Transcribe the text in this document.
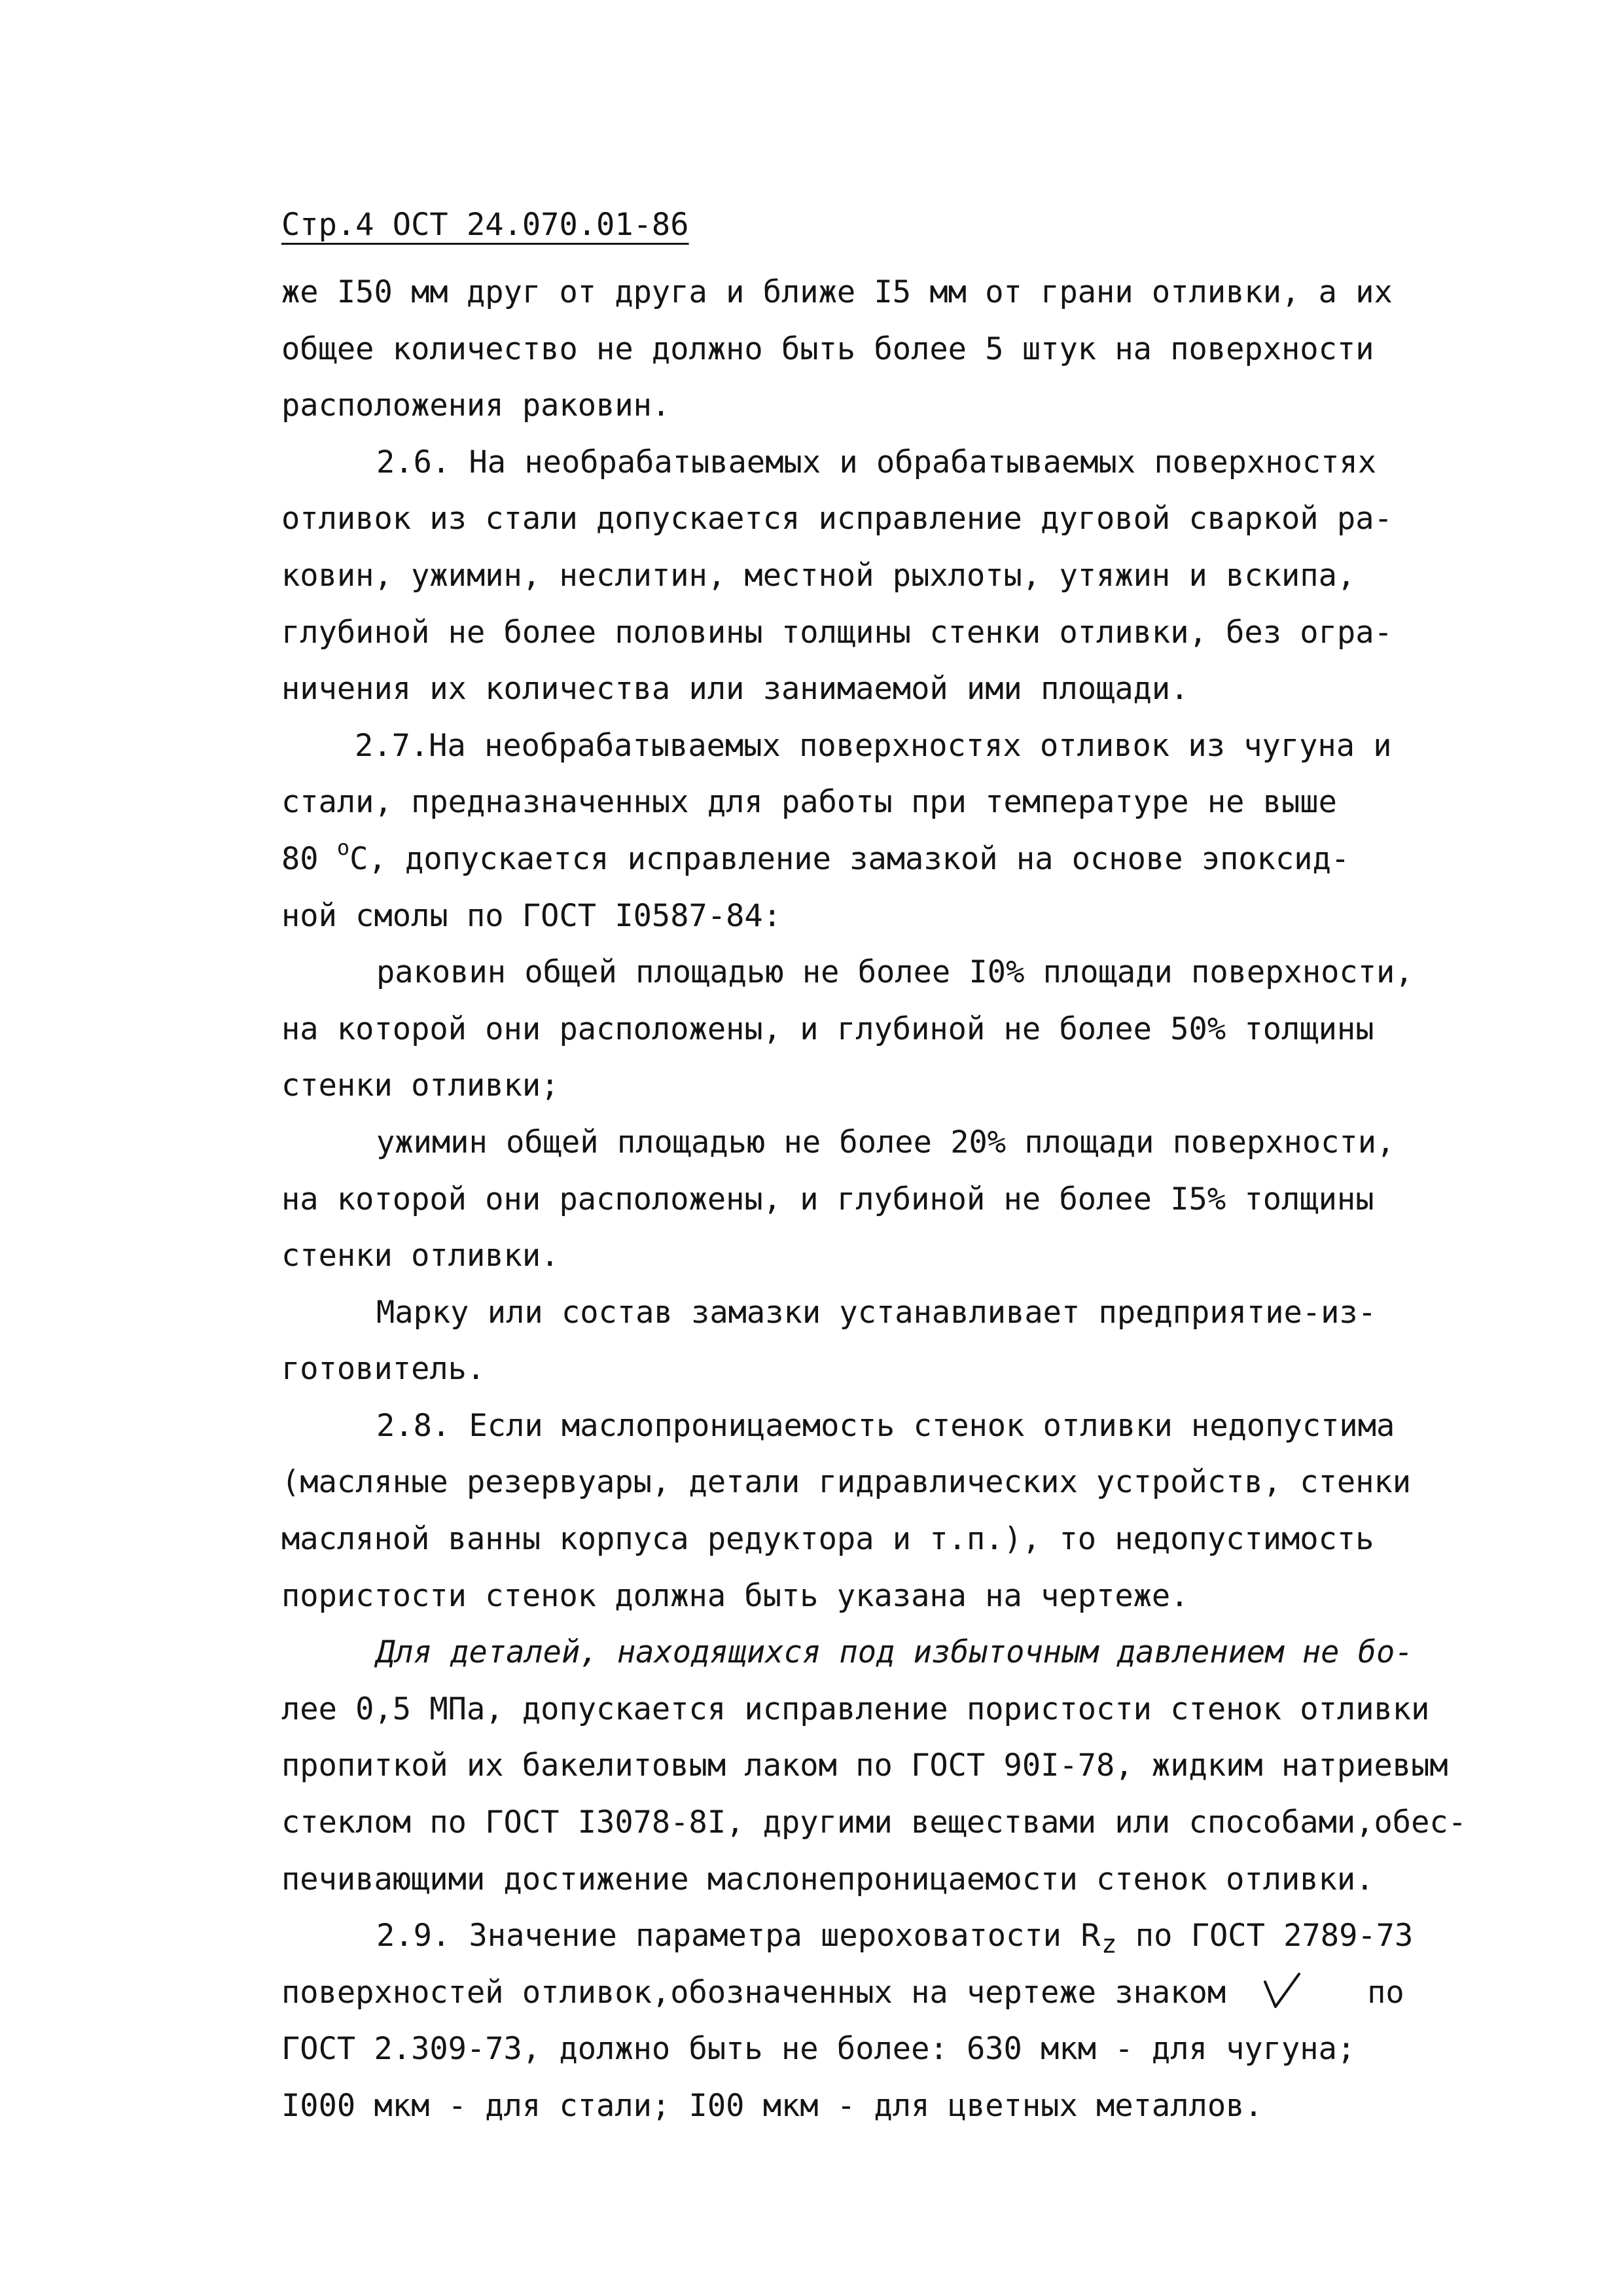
Стр.4 ОСТ 24.070.01-86
же I50 мм друг от друга и ближе I5 мм от грани отливки, а их
общее количество не должно быть более 5 штук на поверхности
расположения раковин.
2.6. На необрабатываемых и обрабатываемых поверхностях
отливок из стали допускается исправление дуговой сваркой ра-
ковин, ужимин, неслитин, местной рыхлоты, утяжин и вскипа,
глубиной не более половины толщины стенки отливки, без огра-
ничения их количества или занимаемой ими площади.
2.7.На необрабатываемых поверхностях отливок из чугуна и
стали, предназначенных для работы при температуре не выше
80 $^о$С, допускается исправление замазкой на основе эпоксид-
ной смолы по ГОСТ I0587-84:
раковин общей площадью не более I0% площади поверхности,
на которой они расположены, и глубиной не более 50% толщины
стенки отливки;
ужимин общей площадью не более 20% площади поверхности,
на которой они расположены, и глубиной не более I5% толщины
стенки отливки.
Марку или состав замазки устанавливает предприятие-из-
готовитель.
2.8. Если маслопроницаемость стенок отливки недопустима
(масляные резервуары, детали гидравлических устройств, стенки
масляной ванны корпуса редуктора и т.п.), то недопустимость
пористости стенок должна быть указана на чертеже.
Для деталей, находящихся под избыточным давлением не бо-
лее 0,5 МПа, допускается исправление пористости стенок отливки
пропиткой их бакелитовым лаком по ГОСТ 90I-78, жидким натриевым
стеклом по ГОСТ I3078-8I, другими веществами или способами,обес-
печивающими достижение маслонепроницаемости стенок отливки.
2.9. Значение параметра шероховатости $R_z$ по ГОСТ 2789-73
поверхностей отливок,обозначенных на чертеже знаком	по
ГОСТ 2.309-73, должно быть не более: 630 мкм - для чугуна;
I000 мкм - для стали; I00 мкм - для цветных металлов.
